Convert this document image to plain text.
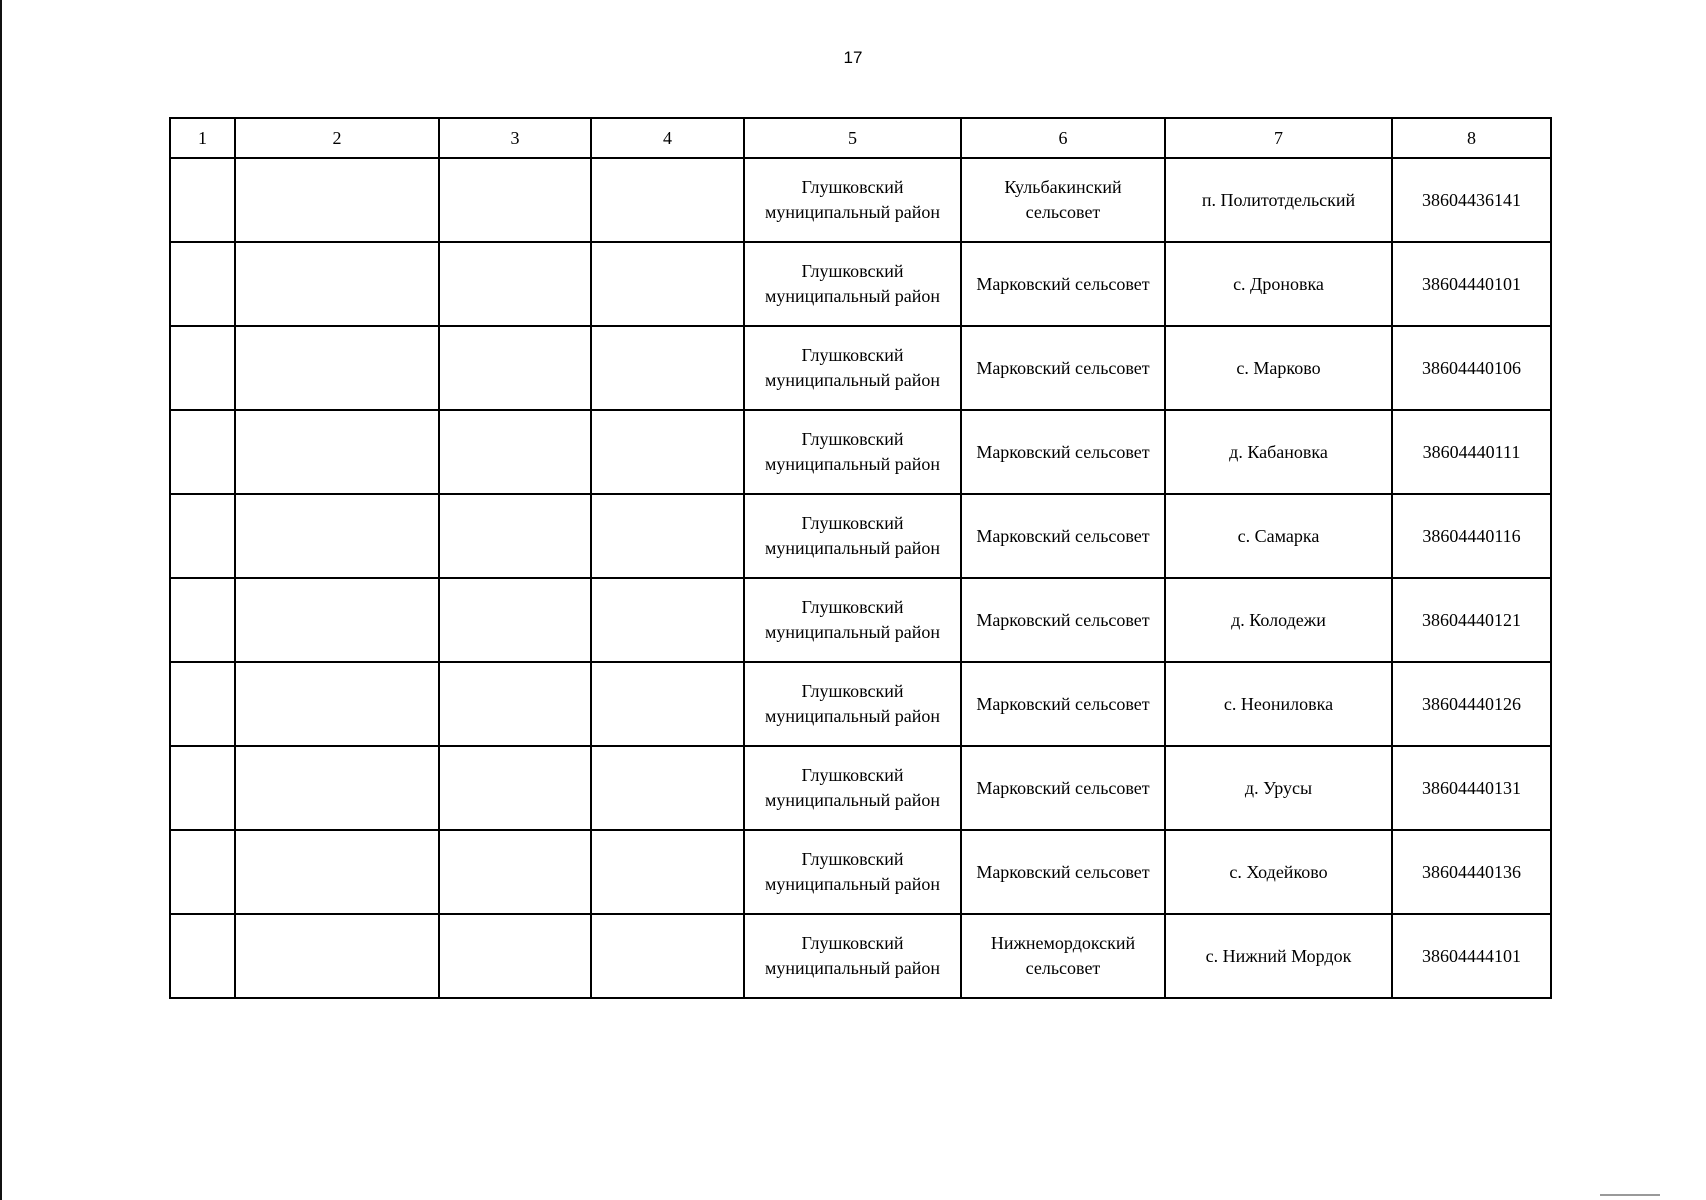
17
1	2	3	4	5	6	7	8
				Глушковский муниципальный район	Кульбакинский сельсовет	п. Политотдельский	38604436141
				Глушковский муниципальный район	Марковский сельсовет	с. Дроновка	38604440101
				Глушковский муниципальный район	Марковский сельсовет	с. Марково	38604440106
				Глушковский муниципальный район	Марковский сельсовет	д. Кабановка	38604440111
				Глушковский муниципальный район	Марковский сельсовет	с. Самарка	38604440116
				Глушковский муниципальный район	Марковский сельсовет	д. Колодежи	38604440121
				Глушковский муниципальный район	Марковский сельсовет	с. Неониловка	38604440126
				Глушковский муниципальный район	Марковский сельсовет	д. Урусы	38604440131
				Глушковский муниципальный район	Марковский сельсовет	с. Ходейково	38604440136
				Глушковский муниципальный район	Нижнемордокский сельсовет	с. Нижний Мордок	38604444101
